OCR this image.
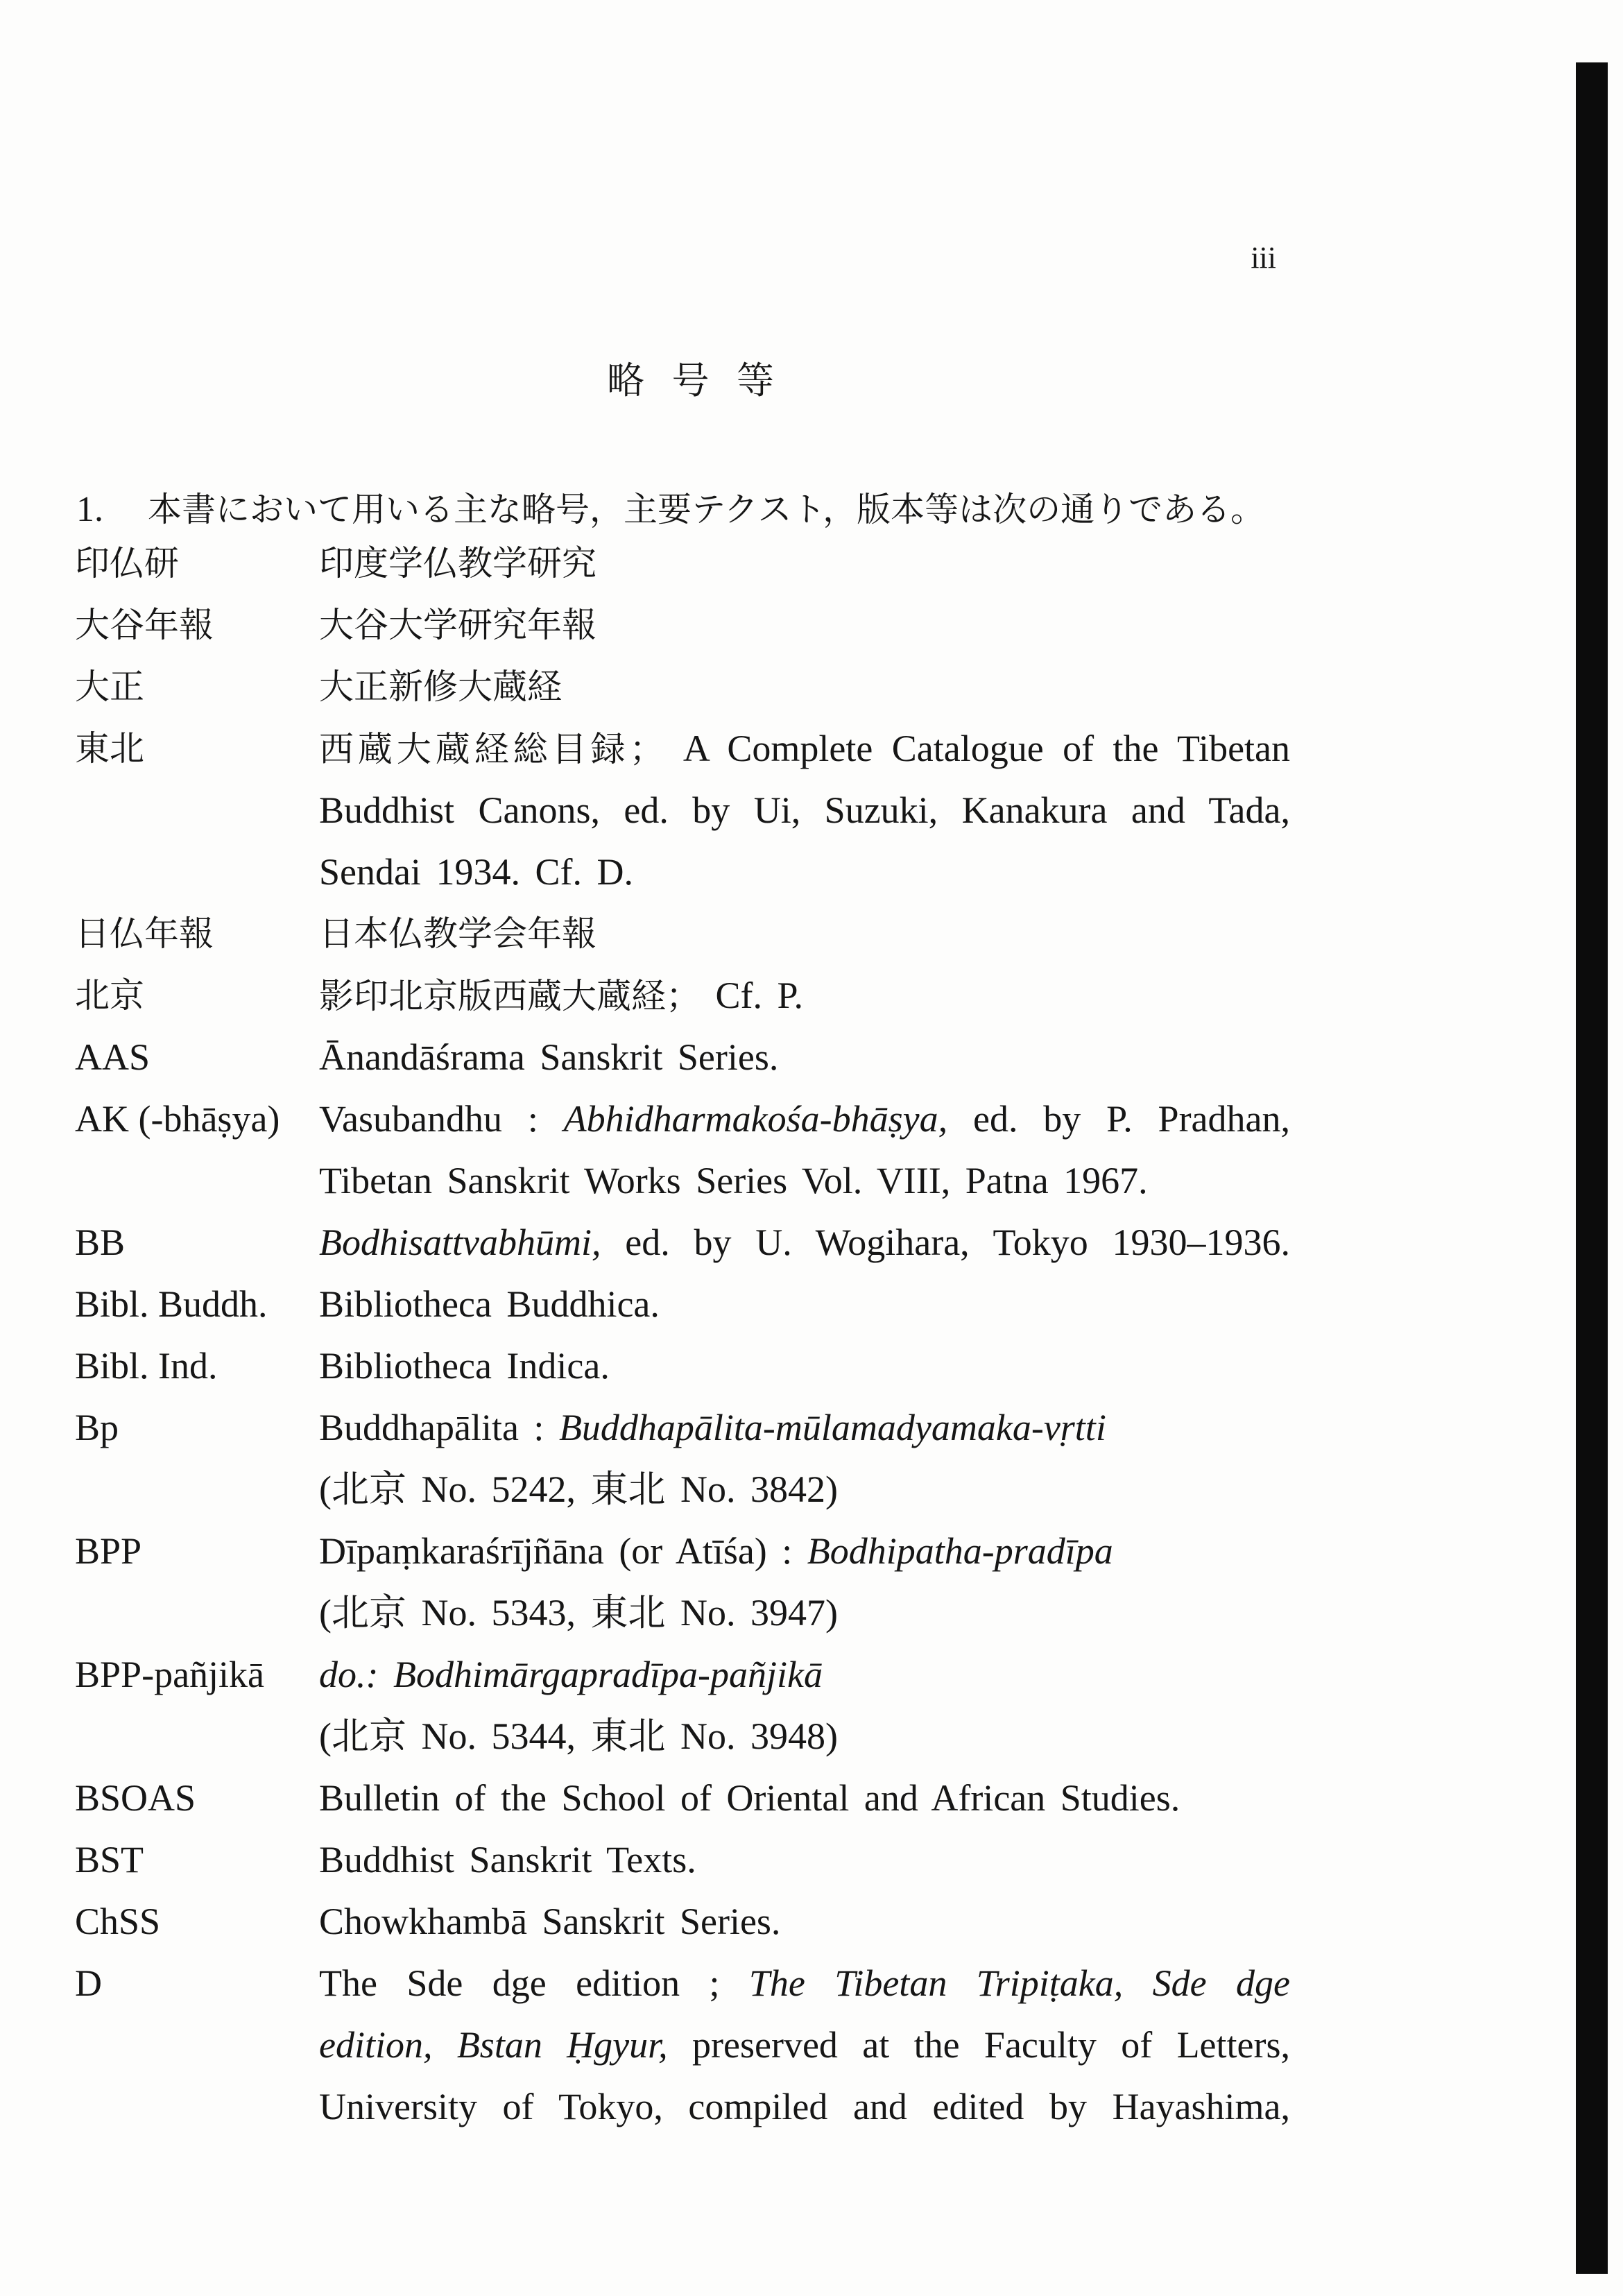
iii
略 号 等
1. 本書において用いる主な略号，主要テクスト，版本等は次の通りである。
印仏研	印度学仏教学研究
大谷年報	大谷大学研究年報
大正	大正新修大蔵経
東北	西蔵大蔵経総目録； A Complete Catalogue of the Tibetan
Buddhist Canons, ed. by Ui, Suzuki, Kanakura and Tada,
Sendai 1934. Cf. D.
日仏年報	日本仏教学会年報
北京	影印北京版西蔵大蔵経； Cf. P.
AAS	Ānandāśrama Sanskrit Series.
AK (-bhāṣya)	Vasubandhu : Abhidharmakośa-bhāṣya, ed. by P. Pradhan,
Tibetan Sanskrit Works Series Vol. VIII, Patna 1967.
BB	Bodhisattvabhūmi, ed. by U. Wogihara, Tokyo 1930–1936.
Bibl. Buddh.	Bibliotheca Buddhica.
Bibl. Ind.	Bibliotheca Indica.
Bp	Buddhapālita : Buddhapālita-mūlamadyamaka-vṛtti
(北京 No. 5242, 東北 No. 3842)
BPP	Dīpaṃkaraśrījñāna (or Atīśa) : Bodhipatha-pradīpa
(北京 No. 5343, 東北 No. 3947)
BPP-pañjikā	do.: Bodhimārgapradīpa-pañjikā
(北京 No. 5344, 東北 No. 3948)
BSOAS	Bulletin of the School of Oriental and African Studies.
BST	Buddhist Sanskrit Texts.
ChSS	Chowkhambā Sanskrit Series.
D	The Sde dge edition ; The Tibetan Tripiṭaka, Sde dge
edition, Bstan Ḥgyur, preserved at the Faculty of Letters,
University of Tokyo, compiled and edited by Hayashima,
